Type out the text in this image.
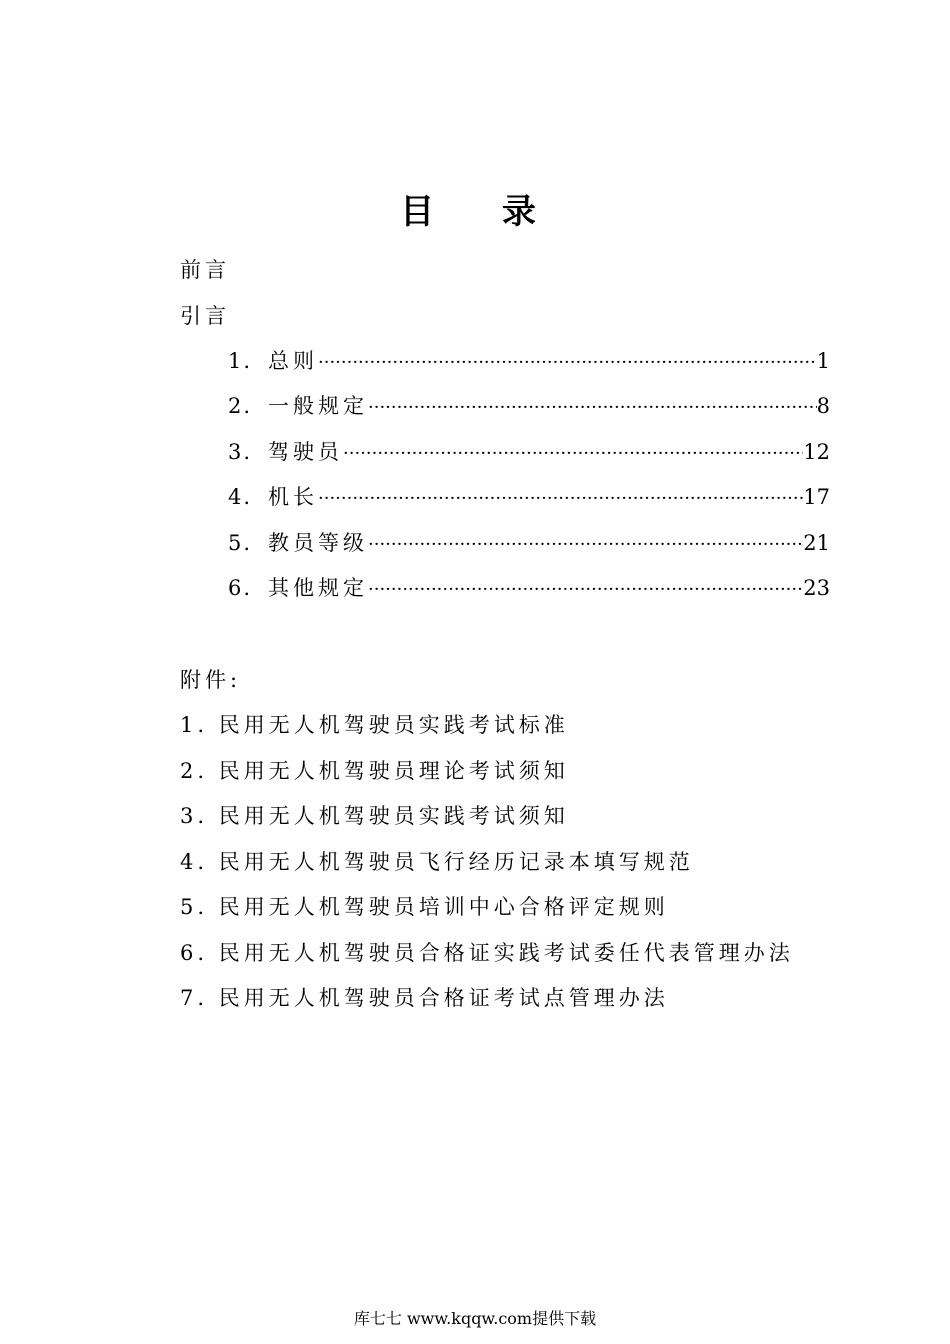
目 录
前言
引言
1. 总则 ·····	1
2. 一般规定 ·····	8
3. 驾驶员 ·····	12
4. 机长 ·····	17
5. 教员等级 ·····	21
6. 其他规定 ·····	23
附件:
1. 民用无人机驾驶员实践考试标准
2. 民用无人机驾驶员理论考试须知
3. 民用无人机驾驶员实践考试须知
4. 民用无人机驾驶员飞行经历记录本填写规范
5. 民用无人机驾驶员培训中心合格评定规则
6. 民用无人机驾驶员合格证实践考试委任代表管理办法
7. 民用无人机驾驶员合格证考试点管理办法
库七七 www.kqqw.com提供下载
